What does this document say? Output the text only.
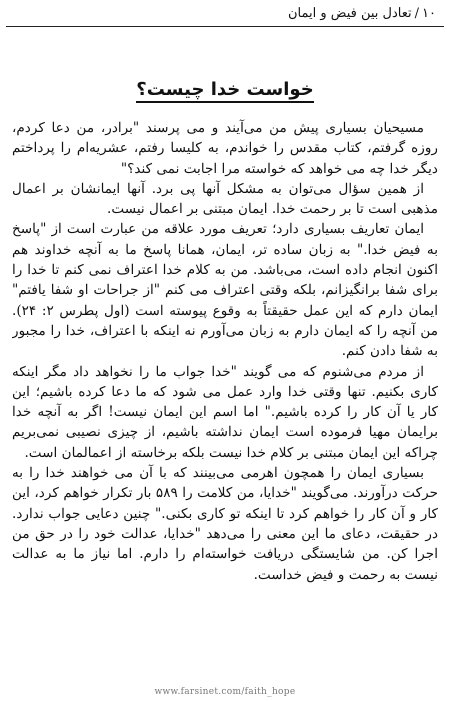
۱۰/تعادل بین فیض و ایمان
خواست خدا چیست؟

مسیحیان بسیاری پیش من می‌آیند و می پرسند "برادر، من دعا کردم، روزه گرفتم، کتاب مقدس را خواندم، به کلیسا رفتم، عشریه‌ام را پرداختم دیگر خدا چه می خواهد که خواسته مرا اجابت نمی کند؟"

از همین سؤال می‌توان به مشکل آنها پی برد. آنها ایمانشان بر اعمال مذهبی است تا بر رحمت خدا. ایمان مبتنی بر اعمال نیست.

ایمان تعاریف بسیاری دارد؛ تعریف مورد علاقه من عبارت است از "پاسخ به فیض خدا." به زبان ساده تر، ایمان، همانا پاسخ ما به آنچه خداوند هم اکنون انجام داده است، می‌باشد. من به کلام خدا اعتراف نمی کنم تا خدا را برای شفا برانگیزانم، بلکه وقتی اعتراف می کنم "از جراحات او شفا یافتم" ایمان دارم که این عمل حقیقتاً به وقوع پیوسته است (اول پطرس ۲: ۲۴). من آنچه را که ایمان دارم به زبان می‌آورم نه اینکه با اعتراف، خدا را مجبور به شفا دادن کنم.

از مردم می‌شنوم که می گویند "خدا جواب ما را نخواهد داد مگر اینکه کاری بکنیم. تنها وقتی خدا وارد عمل می شود که ما دعا کرده باشیم؛ این کار یا آن کار را کرده باشیم." اما اسم این ایمان نیست! اگر به آنچه خدا برایمان مهیا فرموده است ایمان نداشته باشیم، از چیزی نصیبی نمی‌بریم چراکه این ایمان مبتنی بر کلام خدا نیست بلکه برخاسته از اعمالمان است.

بسیاری ایمان را همچون اهرمی می‌بینند که با آن می خواهند خدا را به حرکت درآورند. می‌گویند "خدایا، من کلامت را ۵۸۹ بار تکرار خواهم کرد، این کار و آن کار را خواهم کرد تا اینکه تو کاری بکنی." چنین دعایی جواب ندارد. در حقیقت، دعای ما این معنی را می‌دهد "خدایا، عدالت خود را در حق من اجرا کن. من شایستگی دریافت خواسته‌ام را دارم. اما نیاز ما به عدالت نیست به رحمت و فیض خداست.

www.farsinet.com/faith_hope
